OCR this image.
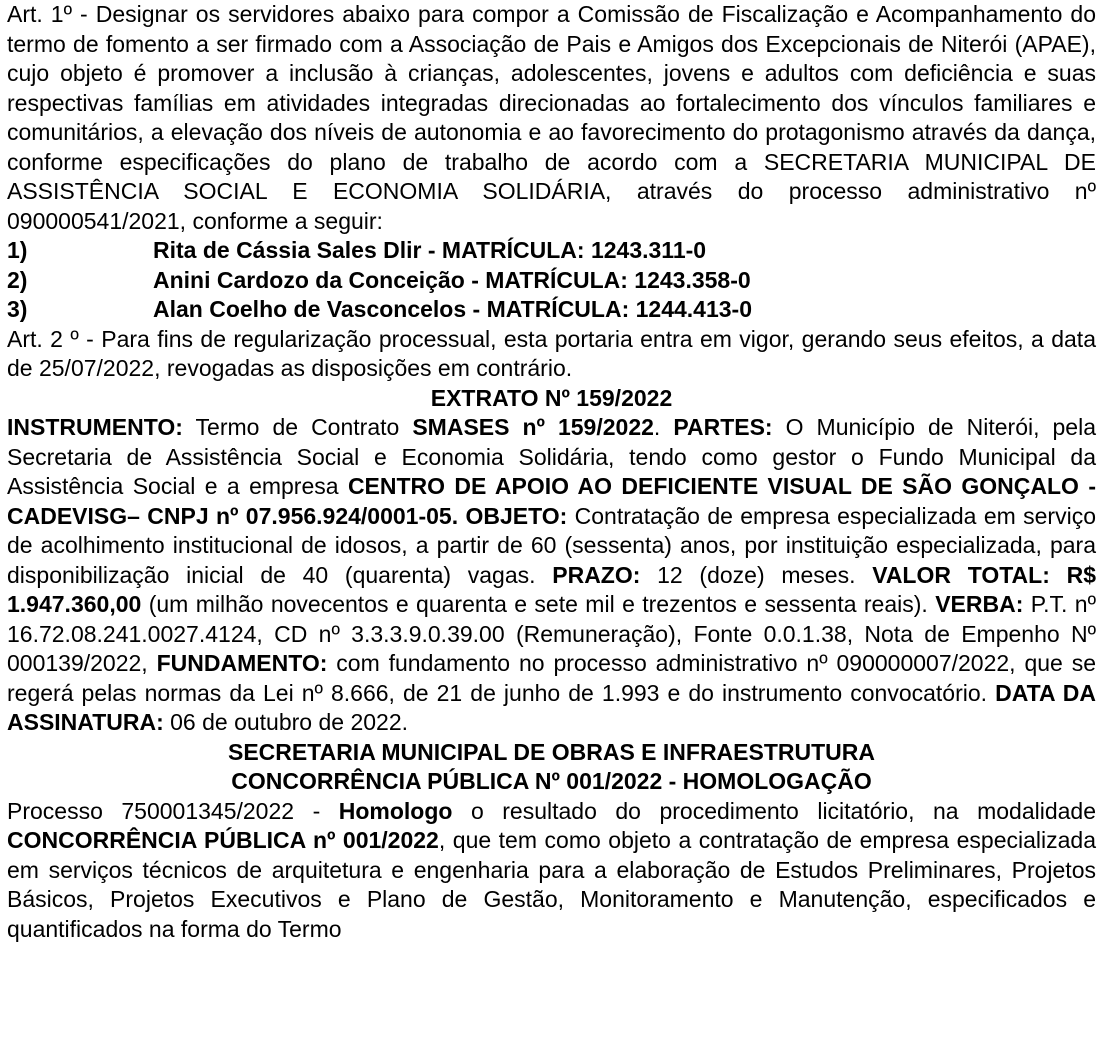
Art. 1º - Designar os servidores abaixo para compor a Comissão de Fiscalização e Acompanhamento do termo de fomento a ser firmado com a Associação de Pais e Amigos dos Excepcionais de Niterói (APAE), cujo objeto é promover a inclusão à crianças, adolescentes, jovens e adultos com deficiência e suas respectivas famílias em atividades integradas direcionadas ao fortalecimento dos vínculos familiares e comunitários, a elevação dos níveis de autonomia e ao favorecimento do protagonismo através da dança, conforme especificações do plano de trabalho de acordo com a SECRETARIA MUNICIPAL DE ASSISTÊNCIA SOCIAL E ECONOMIA SOLIDÁRIA, através do processo administrativo nº 090000541/2021, conforme a seguir:

1)	Rita de Cássia Sales Dlir - MATRÍCULA: 1243.311-0
2)	Anini Cardozo da Conceição - MATRÍCULA: 1243.358-0
3)	Alan Coelho de Vasconcelos - MATRÍCULA: 1244.413-0

Art. 2 º - Para fins de regularização processual, esta portaria entra em vigor, gerando seus efeitos, a data de 25/07/2022, revogadas as disposições em contrário.

EXTRATO Nº 159/2022

INSTRUMENTO: Termo de Contrato SMASES nº 159/2022. PARTES: O Município de Niterói, pela Secretaria de Assistência Social e Economia Solidária, tendo como gestor o Fundo Municipal da Assistência Social e a empresa CENTRO DE APOIO AO DEFICIENTE VISUAL DE SÃO GONÇALO - CADEVISG– CNPJ nº 07.956.924/0001-05. OBJETO: Contratação de empresa especializada em serviço de acolhimento institucional de idosos, a partir de 60 (sessenta) anos, por instituição especializada, para disponibilização inicial de 40 (quarenta) vagas. PRAZO: 12 (doze) meses. VALOR TOTAL: R$ 1.947.360,00 (um milhão novecentos e quarenta e sete mil e trezentos e sessenta reais). VERBA: P.T. nº 16.72.08.241.0027.4124, CD nº 3.3.3.9.0.39.00 (Remuneração), Fonte 0.0.1.38, Nota de Empenho Nº 000139/2022, FUNDAMENTO: com fundamento no processo administrativo nº 090000007/2022, que se regerá pelas normas da Lei nº 8.666, de 21 de junho de 1.993 e do instrumento convocatório. DATA DA ASSINATURA: 06 de outubro de 2022.

SECRETARIA MUNICIPAL DE OBRAS E INFRAESTRUTURA

CONCORRÊNCIA PÚBLICA Nº 001/2022 - HOMOLOGAÇÃO

Processo 750001345/2022 - Homologo o resultado do procedimento licitatório, na modalidade CONCORRÊNCIA PÚBLICA nº 001/2022, que tem como objeto a contratação de empresa especializada em serviços técnicos de arquitetura e engenharia para a elaboração de Estudos Preliminares, Projetos Básicos, Projetos Executivos e Plano de Gestão, Monitoramento e Manutenção, especificados e quantificados na forma do Termo
